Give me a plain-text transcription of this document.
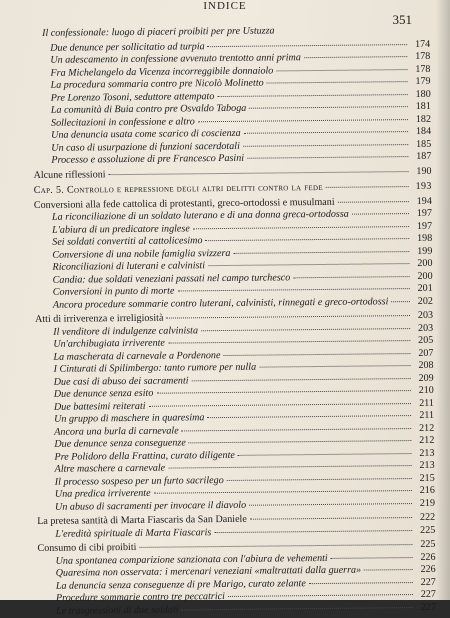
INDICE
351
Il confessionale: luogo di piaceri proibiti per pre Ustuzza
Due denunce per sollicitatio ad turpia	174
Un adescamento in confessione avvenuto trentotto anni prima	178
Fra Michelangelo da Vicenza incorreggibile donnaiolo	178
La procedura sommaria contro pre Nicolò Molinetto	179
Pre Lorenzo Tosoni, seduttore attempato	180
La comunità di Buia contro pre Osvaldo Taboga	181
Sollecitazioni in confessione e altro	182
Una denuncia usata come scarico di coscienza	184
Un caso di usurpazione di funzioni sacerdotali	185
Processo e assoluzione di pre Francesco Pasini	187
Alcune riflessioni	190
Cap. 5. Controllo e repressione degli altri delitti contro la fede	193
Conversioni alla fede cattolica di protestanti, greco-ortodossi e musulmani	194
La riconciliazione di un soldato luterano e di una donna greca-ortodossa	197
L'abiura di un predicatore inglese	197
Sei soldati convertiti al cattolicesimo	198
Conversione di una nobile famiglia svizzera	199
Riconciliazioni di luterani e calvinisti	200
Candia: due soldati veneziani passati nel campo turchesco	200
Conversioni in punto di morte	201
Ancora procedure sommarie contro luterani, calvinisti, rinnegati e greco-ortodossi	202
Atti di irriverenza e irreligiosità	203
Il venditore di indulgenze calvinista	203
Un'archibugiata irriverente	205
La mascherata di carnevale a Pordenone	207
I Cinturati di Spilimbergo: tanto rumore per nulla	208
Due casi di abuso dei sacramenti	209
Due denunce senza esito	210
Due battesimi reiterati	211
Un gruppo di maschere in quaresima	211
Ancora una burla di carnevale	212
Due denunce senza conseguenze	212
Pre Polidoro della Frattina, curato diligente	213
Altre maschere a carnevale	213
Il processo sospeso per un furto sacrilego	215
Una predica irriverente	216
Un abuso di sacramenti per invocare il diavolo	219
La pretesa santità di Marta Fiascaris da San Daniele	222
L'eredità spirituale di Marta Fiascaris	225
Consumo di cibi proibiti	225
Una spontanea comparizione sanzionata con l'abiura de vehementi	226
Quaresima non osservata: i mercenari veneziani «maltrattati dalla guerra»	226
La denuncia senza conseguenze di pre Marigo, curato zelante	227
Procedure sommarie contro tre peccatrici	227
Le trasgressioni di due soldati	227
